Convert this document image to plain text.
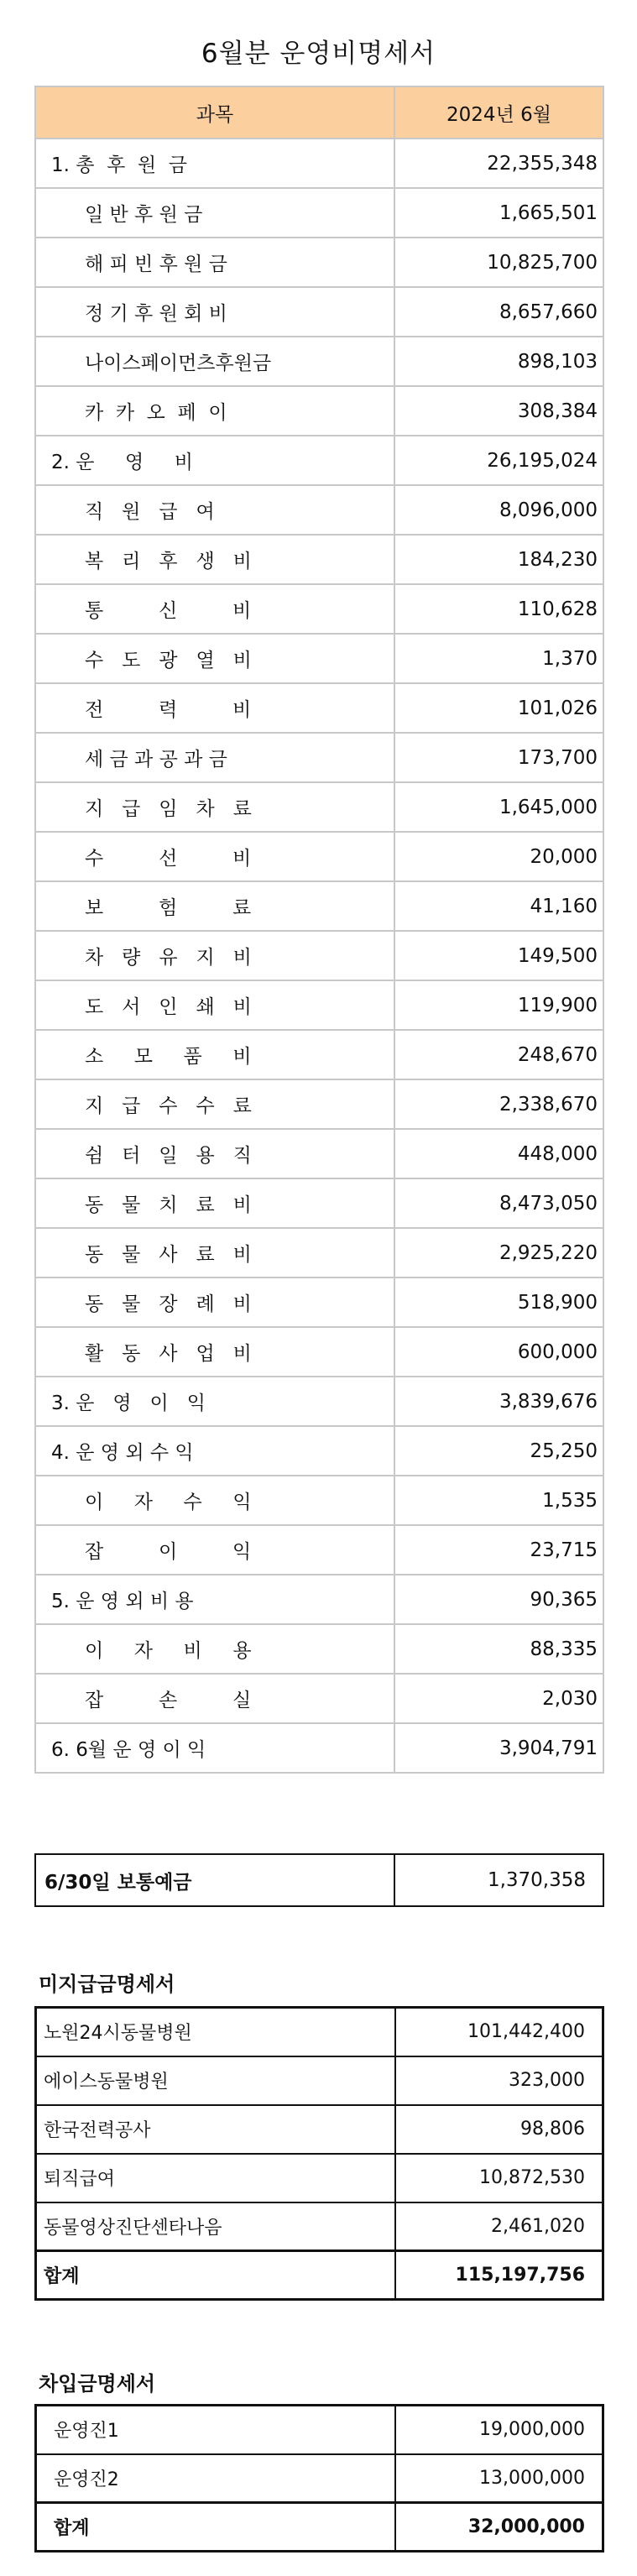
6월분 운영비명세서
과목	2024년 6월
1. 총  후  원  금	22,355,348
일 반 후 원 금	1,665,501
해 피 빈 후 원 금	10,825,700
정 기 후 원 회 비	8,657,660
나이스페이먼츠후원금	898,103
카  카  오  페  이	308,384
2. 운     영     비	26,195,024
직   원   급   여	8,096,000
복   리   후   생   비	184,230
통         신         비	110,628
수   도   광   열   비	1,370
전         력         비	101,026
세 금 과 공 과 금	173,700
지   급   임   차   료	1,645,000
수         선         비	20,000
보         험         료	41,160
차   량   유   지   비	149,500
도   서   인   쇄   비	119,900
소     모     품     비	248,670
지   급   수   수   료	2,338,670
쉼   터   일   용   직	448,000
동   물   치   료   비	8,473,050
동   물   사   료   비	2,925,220
동   물   장   례   비	518,900
활   동   사   업   비	600,000
3. 운   영   이   익	3,839,676
4. 운 영 외 수 익	25,250
이     자     수     익	1,535
잡         이         익	23,715
5. 운 영 외 비 용	90,365
이     자     비     용	88,335
잡         손         실	2,030
6. 6월 운 영 이 익	3,904,791
6/30일 보통예금	1,370,358
미지급금명세서
노원24시동물병원	101,442,400
에이스동물병원	323,000
한국전력공사	98,806
퇴직급여	10,872,530
동물영상진단센타나음	2,461,020
합계	115,197,756
차입금명세서
운영진1	19,000,000
운영진2	13,000,000
합계	32,000,000
